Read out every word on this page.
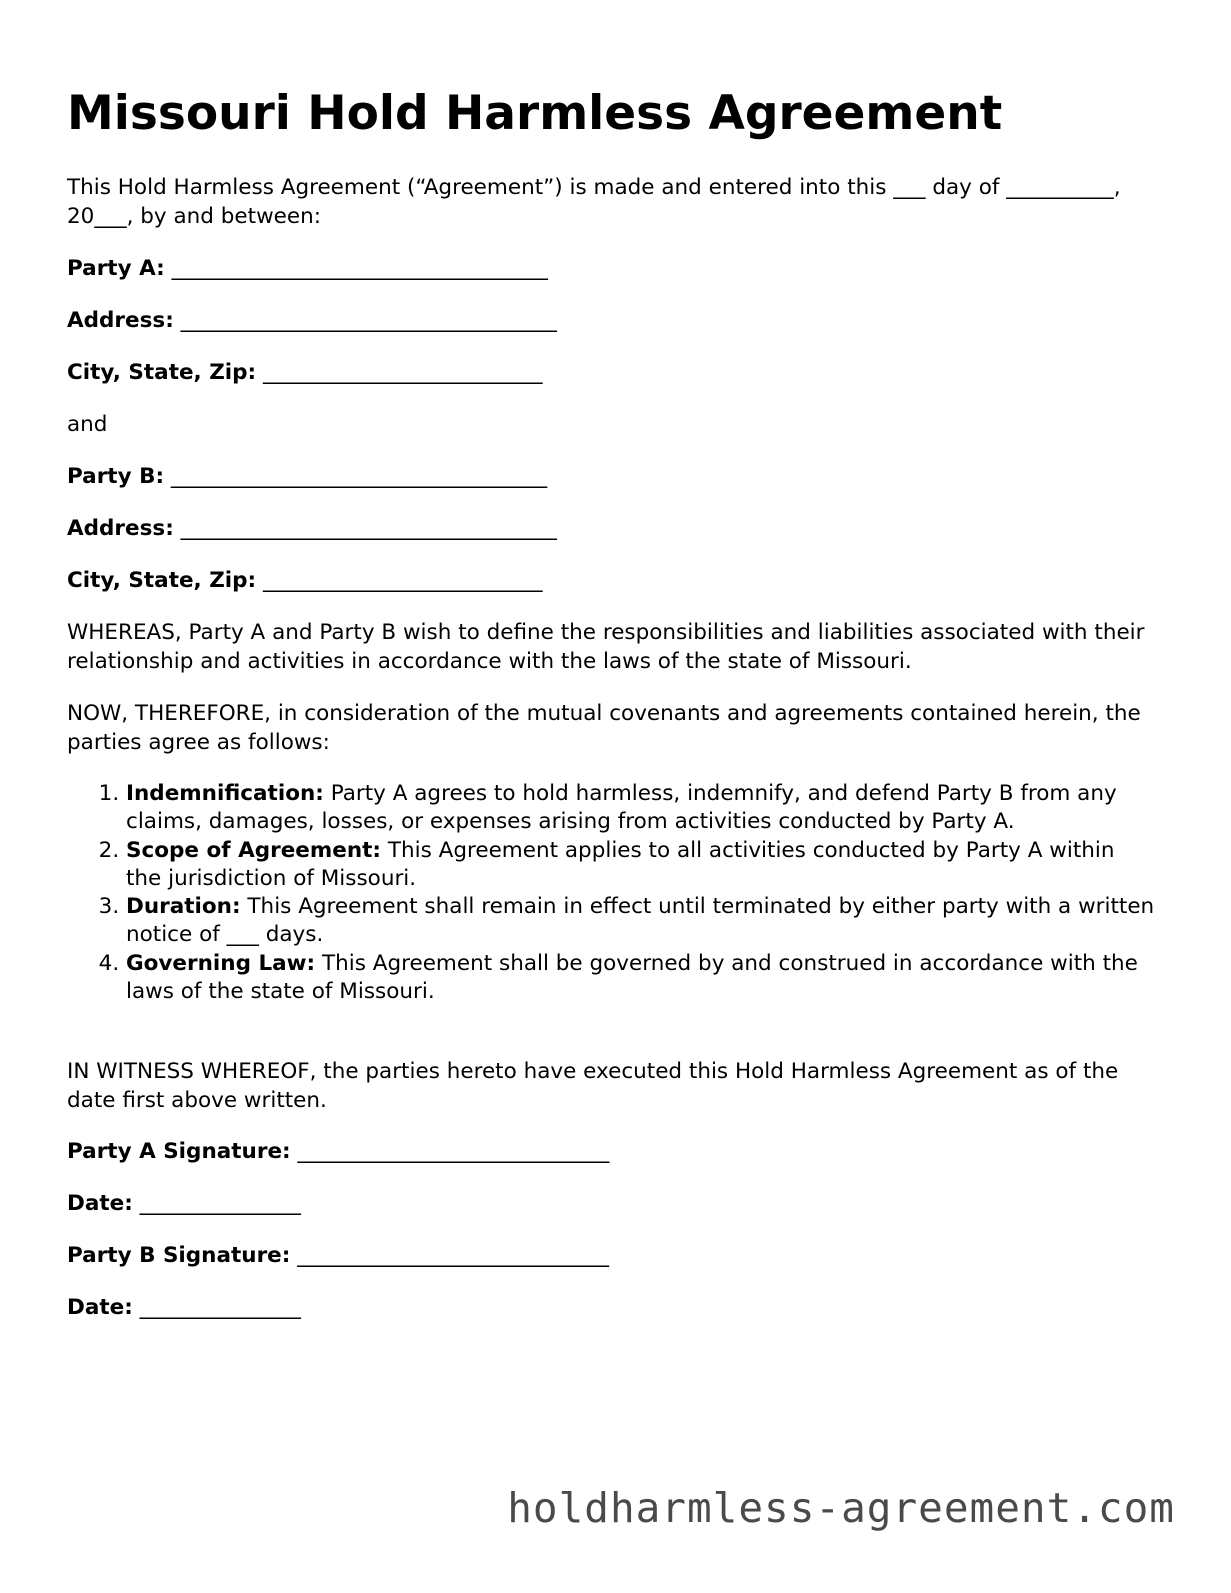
Missouri Hold Harmless Agreement

This Hold Harmless Agreement (“Agreement”) is made and entered into this ___ day of __________, 20___, by and between:

Party A: ___________________________________
Address: ___________________________________
City, State, Zip: __________________________

and

Party B: ___________________________________
Address: ___________________________________
City, State, Zip: __________________________

WHEREAS, Party A and Party B wish to define the responsibilities and liabilities associated with their relationship and activities in accordance with the laws of the state of Missouri.

NOW, THEREFORE, in consideration of the mutual covenants and agreements contained herein, the parties agree as follows:

1. Indemnification: Party A agrees to hold harmless, indemnify, and defend Party B from any claims, damages, losses, or expenses arising from activities conducted by Party A.
2. Scope of Agreement: This Agreement applies to all activities conducted by Party A within the jurisdiction of Missouri.
3. Duration: This Agreement shall remain in effect until terminated by either party with a written notice of ___ days.
4. Governing Law: This Agreement shall be governed by and construed in accordance with the laws of the state of Missouri.

IN WITNESS WHEREOF, the parties hereto have executed this Hold Harmless Agreement as of the date first above written.

Party A Signature: _____________________________
Date: _______________
Party B Signature: _____________________________
Date: _______________
holdharmless-agreement.com
